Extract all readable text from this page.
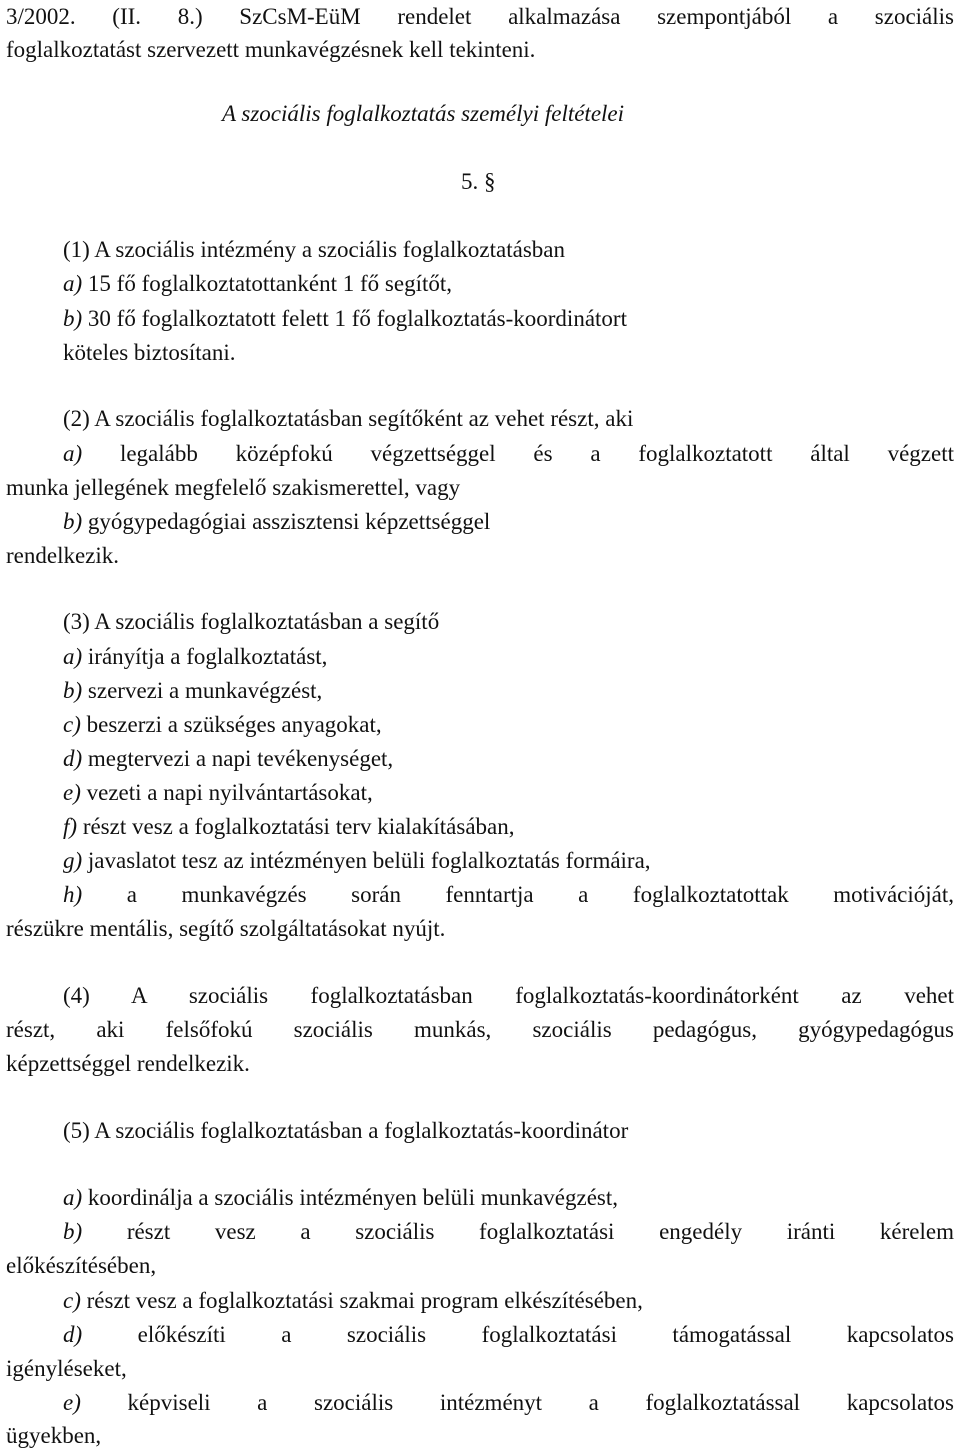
3/2002. (II. 8.) SzCsM-EüM rendelet alkalmazása szempontjából a szociális
foglalkoztatást szervezett munkavégzésnek kell tekinteni.
A szociális foglalkoztatás személyi feltételei
5. §
(1) A szociális intézmény a szociális foglalkoztatásban
a) 15 fő foglalkoztatottanként 1 fő segítőt,
b) 30 fő foglalkoztatott felett 1 fő foglalkoztatás-koordinátort
köteles biztosítani.
(2) A szociális foglalkoztatásban segítőként az vehet részt, aki
a) legalább középfokú végzettséggel és a foglalkoztatott által végzett
munka jellegének megfelelő szakismerettel, vagy
b) gyógypedagógiai asszisztensi képzettséggel
rendelkezik.
(3) A szociális foglalkoztatásban a segítő
a) irányítja a foglalkoztatást,
b) szervezi a munkavégzést,
c) beszerzi a szükséges anyagokat,
d) megtervezi a napi tevékenységet,
e) vezeti a napi nyilvántartásokat,
f) részt vesz a foglalkoztatási terv kialakításában,
g) javaslatot tesz az intézményen belüli foglalkoztatás formáira,
h) a munkavégzés során fenntartja a foglalkoztatottak motivációját,
részükre mentális, segítő szolgáltatásokat nyújt.
(4) A szociális foglalkoztatásban foglalkoztatás-koordinátorként az vehet
részt, aki felsőfokú szociális munkás, szociális pedagógus, gyógypedagógus
képzettséggel rendelkezik.
(5) A szociális foglalkoztatásban a foglalkoztatás-koordinátor
a) koordinálja a szociális intézményen belüli munkavégzést,
b) részt vesz a szociális foglalkoztatási engedély iránti kérelem
előkészítésében,
c) részt vesz a foglalkoztatási szakmai program elkészítésében,
d) előkészíti a szociális foglalkoztatási támogatással kapcsolatos
igényléseket,
e) képviseli a szociális intézményt a foglalkoztatással kapcsolatos
ügyekben,
